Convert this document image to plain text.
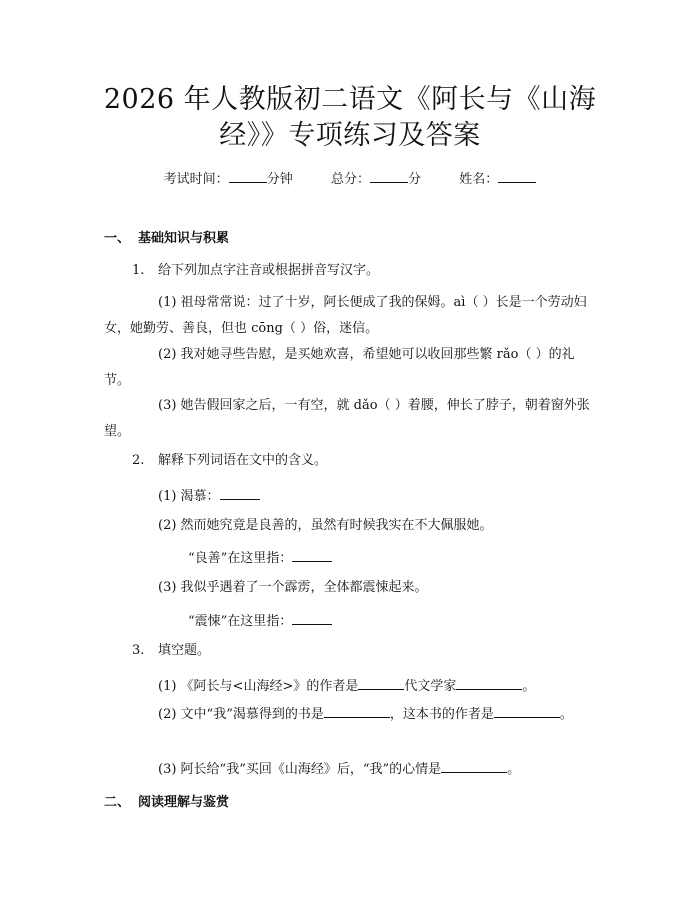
2026 年人教版初二语文《阿长与《山海
经》》专项练习及答案
考试时间：	分钟	总分：	分	姓名：
一、 基础知识与积累
1. 给下列加点字注音或根据拼音写汉字。
(1) 祖母常常说：过了十岁，阿长便成了我的保姆。aì（ ）长是一个劳动妇女，她勤劳、善良，但也 cōng（ ）俗，迷信。
(2) 我对她寻些告慰，是买她欢喜，希望她可以收回那些繁 rǎo（ ）的礼节。
(3) 她告假回家之后，一有空，就 dǎo（ ）着腰，伸长了脖子，朝着窗外张望。
2. 解释下列词语在文中的含义。
(1) 渴慕：
(2) 然而她究竟是良善的，虽然有时候我实在不大佩服她。
“良善”在这里指：
(3) 我似乎遇着了一个霹雳，全体都震悚起来。
“震悚”在这里指：
3. 填空题。
(1) 《阿长与<山海经>》的作者是	代文学家	。
(2) 文中“我”渴慕得到的书是	，这本书的作者是	。
(3) 阿长给“我”买回《山海经》后，“我”的心情是	。
二、 阅读理解与鉴赏
